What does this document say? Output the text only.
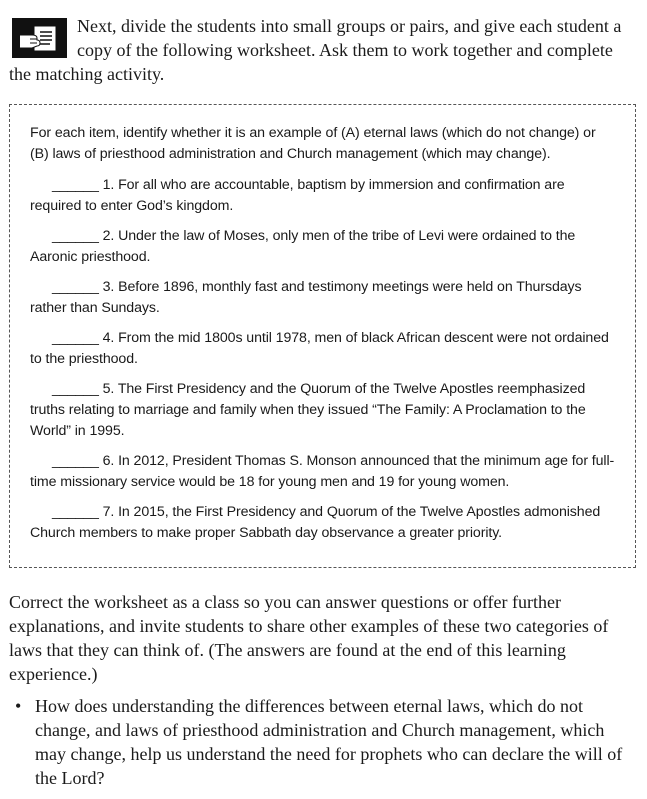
Next, divide the students into small groups or pairs, and give each student a copy of the following worksheet. Ask them to work together and complete the matching activity.

For each item, identify whether it is an example of (A) eternal laws (which do not change) or (B) laws of priesthood administration and Church management (which may change).

______ 1. For all who are accountable, baptism by immersion and confirmation are required to enter God’s kingdom.
______ 2. Under the law of Moses, only men of the tribe of Levi were ordained to the Aaronic priesthood.
______ 3. Before 1896, monthly fast and testimony meetings were held on Thursdays rather than Sundays.
______ 4. From the mid 1800s until 1978, men of black African descent were not ordained to the priesthood.
______ 5. The First Presidency and the Quorum of the Twelve Apostles reemphasized truths relating to marriage and family when they issued “The Family: A Proclamation to the World” in 1995.
______ 6. In 2012, President Thomas S. Monson announced that the minimum age for full-time missionary service would be 18 for young men and 19 for young women.
______ 7. In 2015, the First Presidency and Quorum of the Twelve Apostles admonished Church members to make proper Sabbath day observance a greater priority.

Correct the worksheet as a class so you can answer questions or offer further explanations, and invite students to share other examples of these two categories of laws that they can think of. (The answers are found at the end of this learning experience.)

• How does understanding the differences between eternal laws, which do not change, and laws of priesthood administration and Church management, which may change, help us understand the need for prophets who can declare the will of the Lord?
